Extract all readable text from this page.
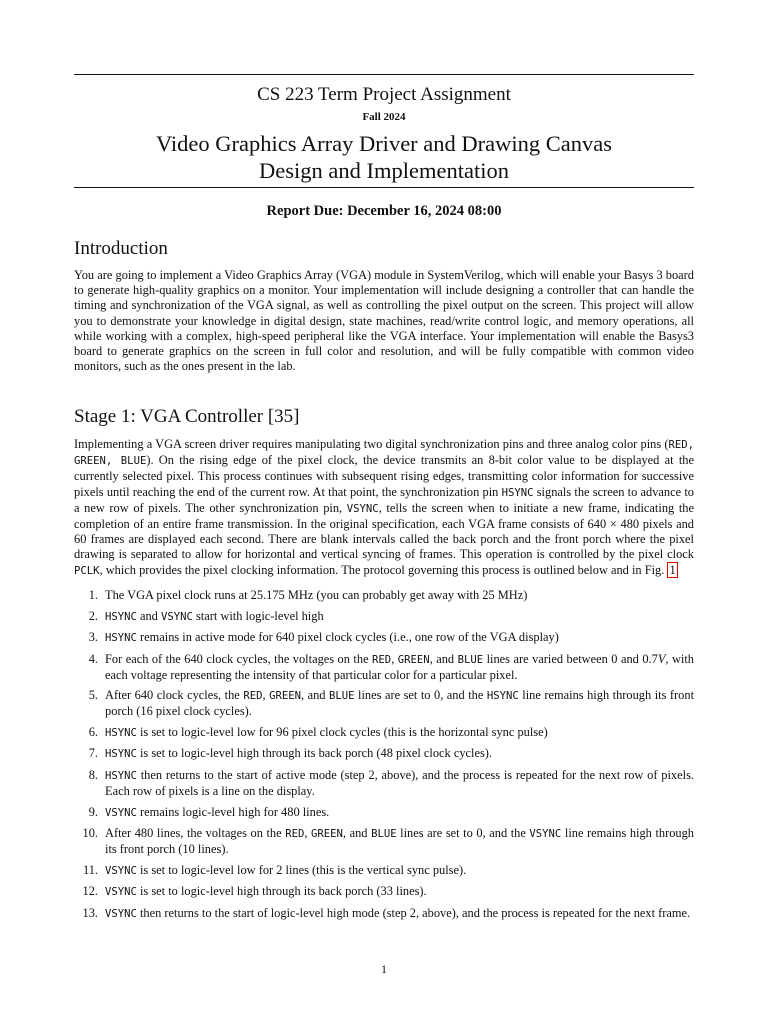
CS 223 Term Project Assignment
Fall 2024
Video Graphics Array Driver and Drawing Canvas
Design and Implementation
Report Due: December 16, 2024 08:00
Introduction

You are going to implement a Video Graphics Array (VGA) module in SystemVerilog, which will enable your Basys 3 board to generate high-quality graphics on a monitor. Your implementation will include designing a controller that can handle the timing and synchronization of the VGA signal, as well as controlling the pixel output on the screen. This project will allow you to demonstrate your knowledge in digital design, state machines, read/write control logic, and memory operations, all while working with a complex, high-speed peripheral like the VGA interface. Your implementation will enable the Basys3 board to generate graphics on the screen in full color and resolution, and will be fully compatible with common video monitors, such as the ones present in the lab.

Stage 1: VGA Controller [35]

Implementing a VGA screen driver requires manipulating two digital synchronization pins and three analog color pins (RED, GREEN, BLUE). On the rising edge of the pixel clock, the device transmits an 8-bit color value to be displayed at the currently selected pixel. This process continues with subsequent rising edges, transmitting color information for successive pixels until reaching the end of the current row. At that point, the synchronization pin HSYNC signals the screen to advance to a new row of pixels. The other synchronization pin, VSYNC, tells the screen when to initiate a new frame, indicating the completion of an entire frame transmission. In the original specification, each VGA frame consists of 640 × 480 pixels and 60 frames are displayed each second. There are blank intervals called the back porch and the front porch where the pixel drawing is separated to allow for horizontal and vertical syncing of frames. This operation is controlled by the pixel clock PCLK, which provides the pixel clocking information. The protocol governing this process is outlined below and in Fig. 1

1. The VGA pixel clock runs at 25.175 MHz (you can probably get away with 25 MHz)
2. HSYNC and VSYNC start with logic-level high
3. HSYNC remains in active mode for 640 pixel clock cycles (i.e., one row of the VGA display)
4. For each of the 640 clock cycles, the voltages on the RED, GREEN, and BLUE lines are varied between 0 and 0.7V, with each voltage representing the intensity of that particular color for a particular pixel.
5. After 640 clock cycles, the RED, GREEN, and BLUE lines are set to 0, and the HSYNC line remains high through its front porch (16 pixel clock cycles).
6. HSYNC is set to logic-level low for 96 pixel clock cycles (this is the horizontal sync pulse)
7. HSYNC is set to logic-level high through its back porch (48 pixel clock cycles).
8. HSYNC then returns to the start of active mode (step 2, above), and the process is repeated for the next row of pixels. Each row of pixels is a line on the display.
9. VSYNC remains logic-level high for 480 lines.
10. After 480 lines, the voltages on the RED, GREEN, and BLUE lines are set to 0, and the VSYNC line remains high through its front porch (10 lines).
11. VSYNC is set to logic-level low for 2 lines (this is the vertical sync pulse).
12. VSYNC is set to logic-level high through its back porch (33 lines).
13. VSYNC then returns to the start of logic-level high mode (step 2, above), and the process is repeated for the next frame.
1
